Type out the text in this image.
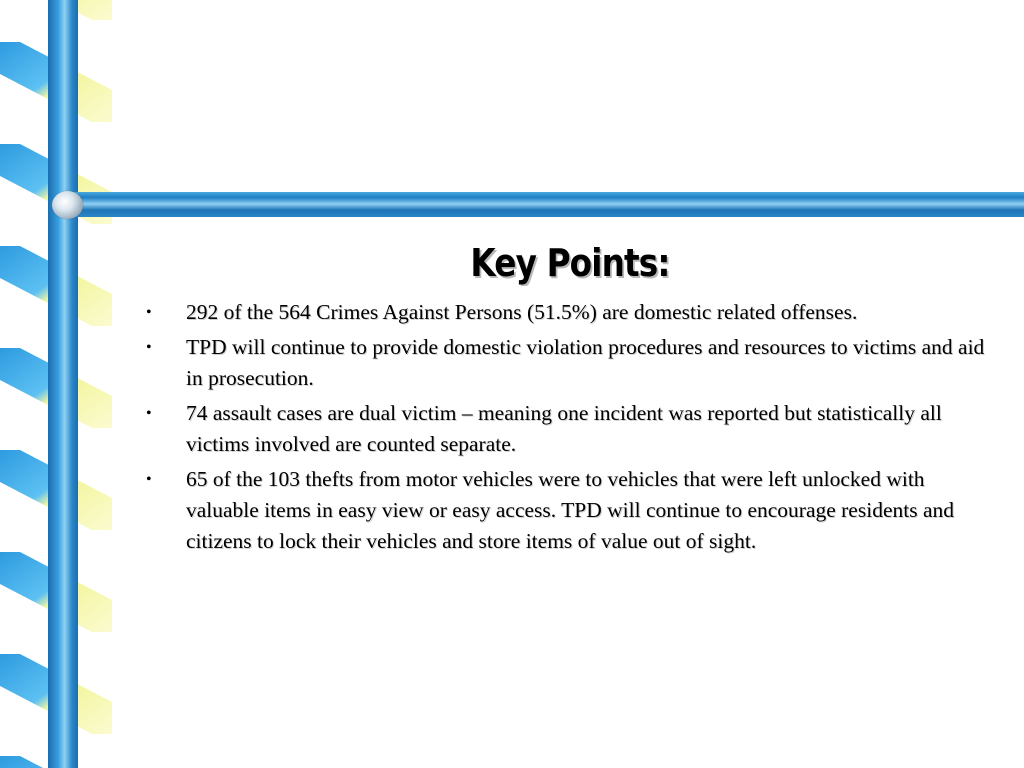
Key Points:
• 292 of the 564 Crimes Against Persons (51.5%) are domestic related offenses.
• TPD will continue to provide domestic violation procedures and resources to victims and aid in prosecution.
• 74 assault cases are dual victim – meaning one incident was reported but statistically all victims involved are counted separate.
• 65 of the 103 thefts from motor vehicles were to vehicles that were left unlocked with valuable items in easy view or easy access. TPD will continue to encourage residents and citizens to lock their vehicles and store items of value out of sight.
